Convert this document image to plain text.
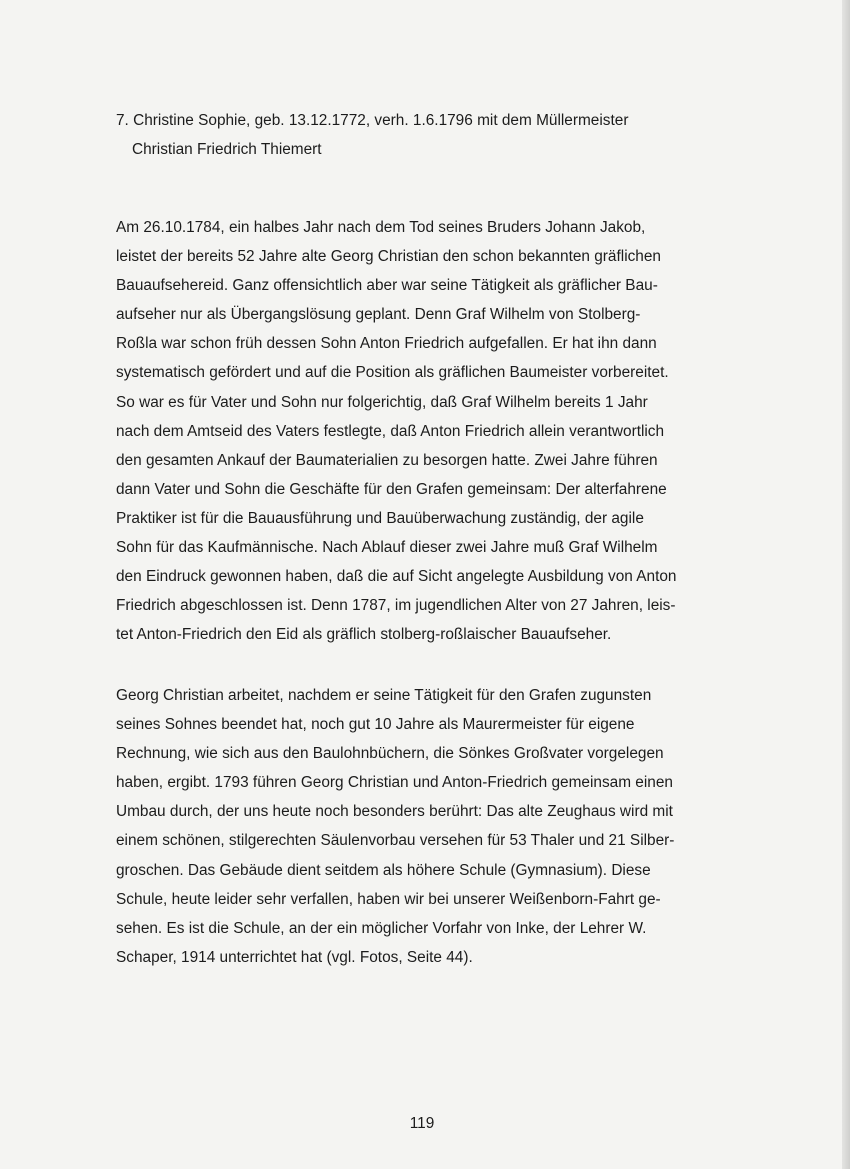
7. Christine Sophie, geb. 13.12.1772, verh. 1.6.1796 mit dem Müllermeister
Christian Friedrich Thiemert
Am 26.10.1784, ein halbes Jahr nach dem Tod seines Bruders Johann Jakob,
leistet der bereits 52 Jahre alte Georg Christian den schon bekannten gräflichen
Bauaufsehereid. Ganz offensichtlich aber war seine Tätigkeit als gräflicher Bau-
aufseher nur als Übergangslösung geplant. Denn Graf Wilhelm von Stolberg-
Roßla war schon früh dessen Sohn Anton Friedrich aufgefallen. Er hat ihn dann
systematisch gefördert und auf die Position als gräflichen Baumeister vorbereitet.
So war es für Vater und Sohn nur folgerichtig, daß Graf Wilhelm bereits 1 Jahr
nach dem Amtseid des Vaters festlegte, daß Anton Friedrich allein verantwortlich
den gesamten Ankauf der Baumaterialien zu besorgen hatte. Zwei Jahre führen
dann Vater und Sohn die Geschäfte für den Grafen gemeinsam: Der alterfahrene
Praktiker ist für die Bauausführung und Bauüberwachung zuständig, der agile
Sohn für das Kaufmännische. Nach Ablauf dieser zwei Jahre muß Graf Wilhelm
den Eindruck gewonnen haben, daß die auf Sicht angelegte Ausbildung von Anton
Friedrich abgeschlossen ist. Denn 1787, im jugendlichen Alter von 27 Jahren, leis-
tet Anton-Friedrich den Eid als gräflich stolberg-roßlaischer Bauaufseher.
Georg Christian arbeitet, nachdem er seine Tätigkeit für den Grafen zugunsten
seines Sohnes beendet hat, noch gut 10 Jahre als Maurermeister für eigene
Rechnung, wie sich aus den Baulohnbüchern, die Sönkes Großvater vorgelegen
haben, ergibt. 1793 führen Georg Christian und Anton-Friedrich gemeinsam einen
Umbau durch, der uns heute noch besonders berührt: Das alte Zeughaus wird mit
einem schönen, stilgerechten Säulenvorbau versehen für 53 Thaler und 21 Silber-
groschen. Das Gebäude dient seitdem als höhere Schule (Gymnasium). Diese
Schule, heute leider sehr verfallen, haben wir bei unserer Weißenborn-Fahrt ge-
sehen. Es ist die Schule, an der ein möglicher Vorfahr von Inke, der Lehrer W.
Schaper, 1914 unterrichtet hat (vgl. Fotos, Seite 44).
119
